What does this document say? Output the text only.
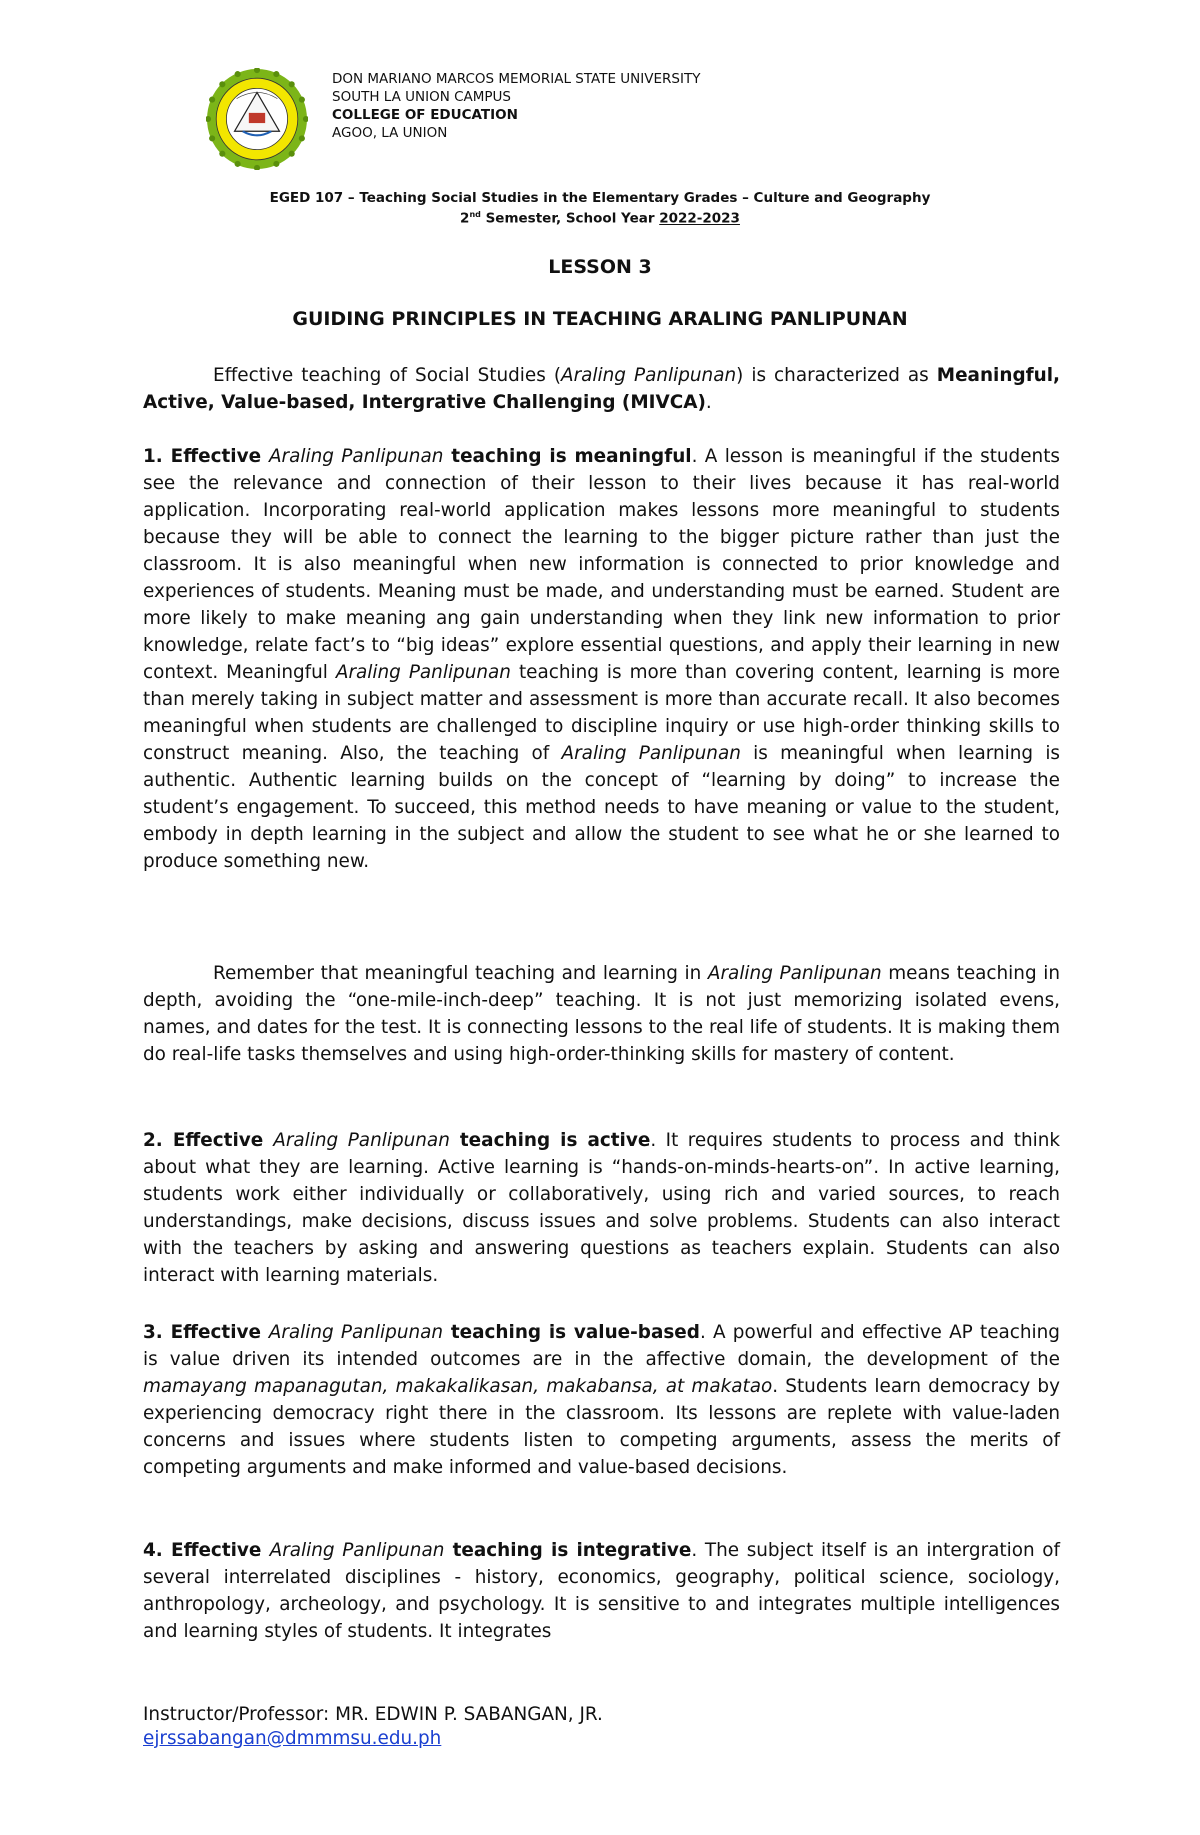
DON MARIANO MARCOS MEMORIAL STATE UNIVERSITY
SOUTH LA UNION CAMPUS
COLLEGE OF EDUCATION
AGOO, LA UNION
EGED 107 – Teaching Social Studies in the Elementary Grades – Culture and Geography
2nd Semester, School Year 2022-2023
LESSON 3
GUIDING PRINCIPLES IN TEACHING ARALING PANLIPUNAN

Effective teaching of Social Studies (Araling Panlipunan) is characterized as Meaningful, Active, Value-based, Intergrative Challenging (MIVCA).

1. Effective Araling Panlipunan teaching is meaningful. A lesson is meaningful if the students see the relevance and connection of their lesson to their lives because it has real-world application. Incorporating real-world application makes lessons more meaningful to students because they will be able to connect the learning to the bigger picture rather than just the classroom. It is also meaningful when new information is connected to prior knowledge and experiences of students. Meaning must be made, and understanding must be earned. Student are more likely to make meaning ang gain understanding when they link new information to prior knowledge, relate fact’s to “big ideas” explore essential questions, and apply their learning in new context. Meaningful Araling Panlipunan teaching is more than covering content, learning is more than merely taking in subject matter and assessment is more than accurate recall. It also becomes meaningful when students are challenged to discipline inquiry or use high-order thinking skills to construct meaning. Also, the teaching of Araling Panlipunan is meaningful when learning is authentic. Authentic learning builds on the concept of “learning by doing” to increase the student’s engagement. To succeed, this method needs to have meaning or value to the student, embody in depth learning in the subject and allow the student to see what he or she learned to produce something new.

Remember that meaningful teaching and learning in Araling Panlipunan means teaching in depth, avoiding the “one-mile-inch-deep” teaching. It is not just memorizing isolated evens, names, and dates for the test. It is connecting lessons to the real life of students. It is making them do real-life tasks themselves and using high-order-thinking skills for mastery of content.

2. Effective Araling Panlipunan teaching is active. It requires students to process and think about what they are learning. Active learning is “hands-on-minds-hearts-on”. In active learning, students work either individually or collaboratively, using rich and varied sources, to reach understandings, make decisions, discuss issues and solve problems. Students can also interact with the teachers by asking and answering questions as teachers explain. Students can also interact with learning materials.

3. Effective Araling Panlipunan teaching is value-based. A powerful and effective AP teaching is value driven its intended outcomes are in the affective domain, the development of the mamayang mapanagutan, makakalikasan, makabansa, at makatao. Students learn democracy by experiencing democracy right there in the classroom. Its lessons are replete with value-laden concerns and issues where students listen to competing arguments, assess the merits of competing arguments and make informed and value-based decisions.

4. Effective Araling Panlipunan teaching is integrative. The subject itself is an intergration of several interrelated disciplines - history, economics, geography, political science, sociology, anthropology, archeology, and psychology. It is sensitive to and integrates multiple intelligences and learning styles of students. It integrates

Instructor/Professor: MR. EDWIN P. SABANGAN, JR.
ejrssabangan@dmmmsu.edu.ph
